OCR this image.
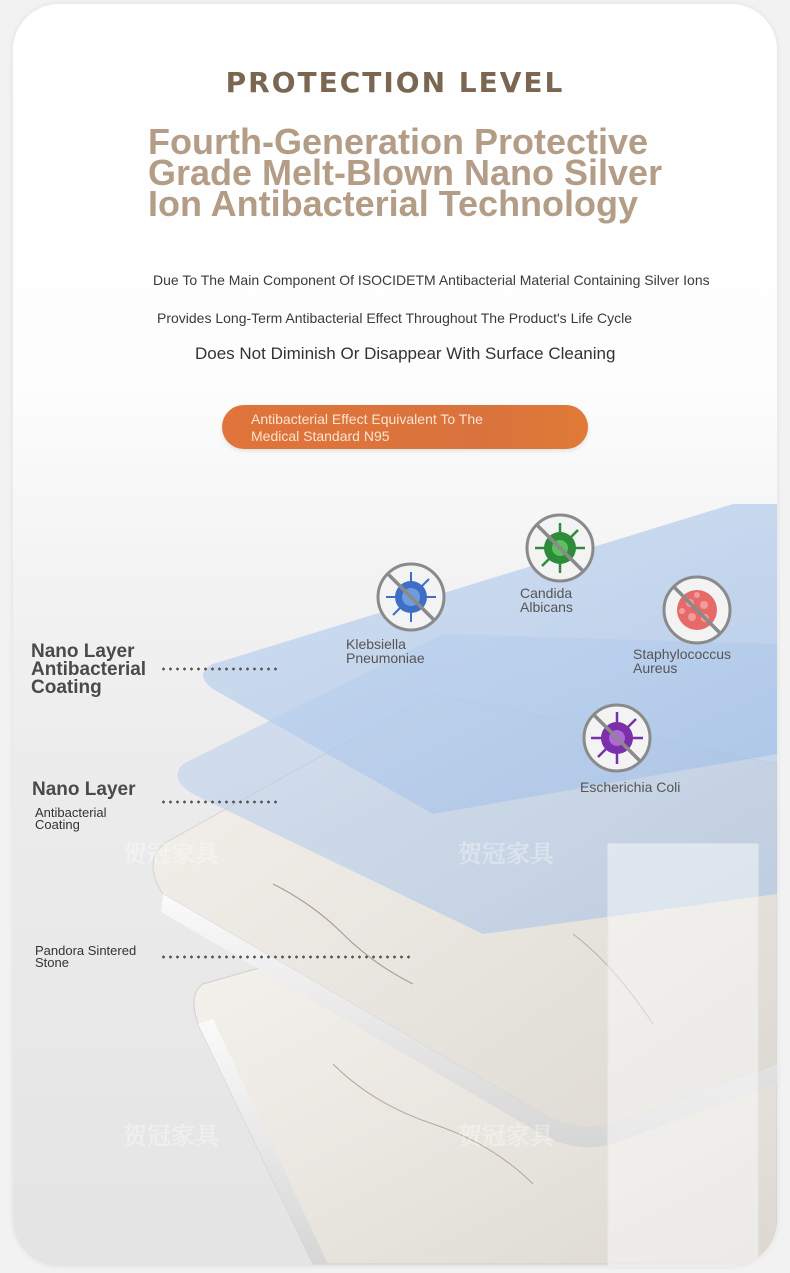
贺冠家具	贺冠家具
贺冠家具	贺冠家具
PROTECTION LEVEL
Fourth-Generation Protective
Grade Melt-Blown Nano Silver
Ion Antibacterial Technology
Due To The Main Component Of ISOCIDETM Antibacterial Material Containing Silver Ions
Provides Long-Term Antibacterial Effect Throughout The Product's Life Cycle
Does Not Diminish Or Disappear With Surface Cleaning
Antibacterial Effect Equivalent To The
Medical Standard N95
Nano Layer
Antibacterial
Coating
Nano Layer
Antibacterial
Coating
Pandora Sintered
Stone
Klebsiella
Pneumoniae
Candida
Albicans
Staphylococcus
Aureus
Escherichia Coli
